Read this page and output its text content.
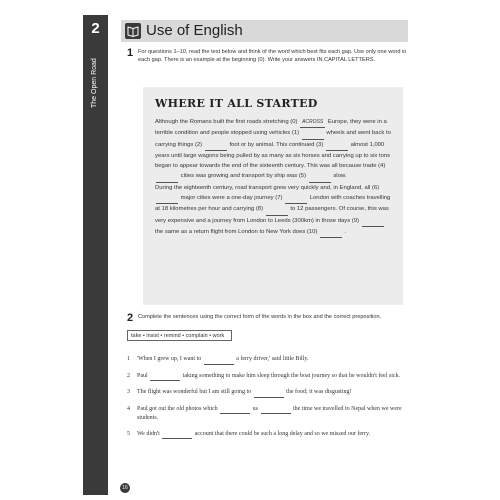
2
The Open Road
Use of English
1 For questions 1–10, read the text below and think of the word which best fits each gap. Use only one word in each gap. There is an example at the beginning (0). Write your answers IN CAPITAL LETTERS.
WHERE IT ALL STARTED

Although the Romans built the first roads stretching (0) ACROSS Europe, they were in a terrible condition and people stopped using vehicles (1)	wheels and went back to carrying things (2)	foot or by animal. This continued (3)	almost 1,000 years until large wagons being pulled by as many as six horses and carrying up to six tons began to appear towards the end of the sixteenth century. This was all because trade (4)   cities was growing and transport by ship was (5)	slow.

During the eighteenth century, road transport grew very quickly and, in England, all (6)   major cities were a one-day journey (7)	London with coaches travelling at 18 kilometres per hour and carrying (8)	to 12 passengers. Of course, this was very expensive and a journey from London to Leeds (300km) in those days (9)   the same as a return flight from London to New York does (10)	.

2 Complete the sentences using the correct form of the words in the box and the correct preposition.
take • insist • remind • complain • work
1 'When I grew up, I want to	a ferry driver,' said little Billy.
2 Paul	taking something to make him sleep through the boat journey so that he wouldn't feel sick.
3 The flight was wonderful but I am still going to	the food; it was disgusting!
4 Paul got out the old photos which	us	the time we travelled to Nepal when we were students.
5 We didn't	account that there could be such a long delay and so we missed our ferry.
16
